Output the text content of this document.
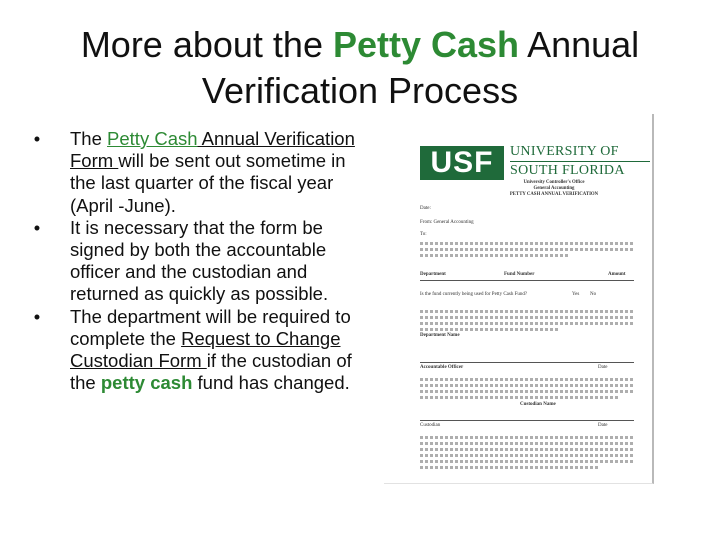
More about the Petty Cash Annual
Verification Process
•	The Petty Cash Annual Verification Form will be sent out sometime in the last quarter of the fiscal year (April -June).
•	It is necessary that the form be signed by both the accountable officer and the custodian and returned as quickly as possible.
•	The department will be required to complete the Request to Change Custodian Form if the custodian of the petty cash fund has changed.
USF	UNIVERSITY OF
SOUTH FLORIDA
University Controller's Office
General Accounting
PETTY CASH ANNUAL VERIFICATION
Date:
From: General Accounting
To:
Department	Fund Number	Amount
Is the fund currently being used for Petty Cash Fund?	Yes No
Department Name
Accountable Officer	Date
Custodian Name
Custodian	Date
